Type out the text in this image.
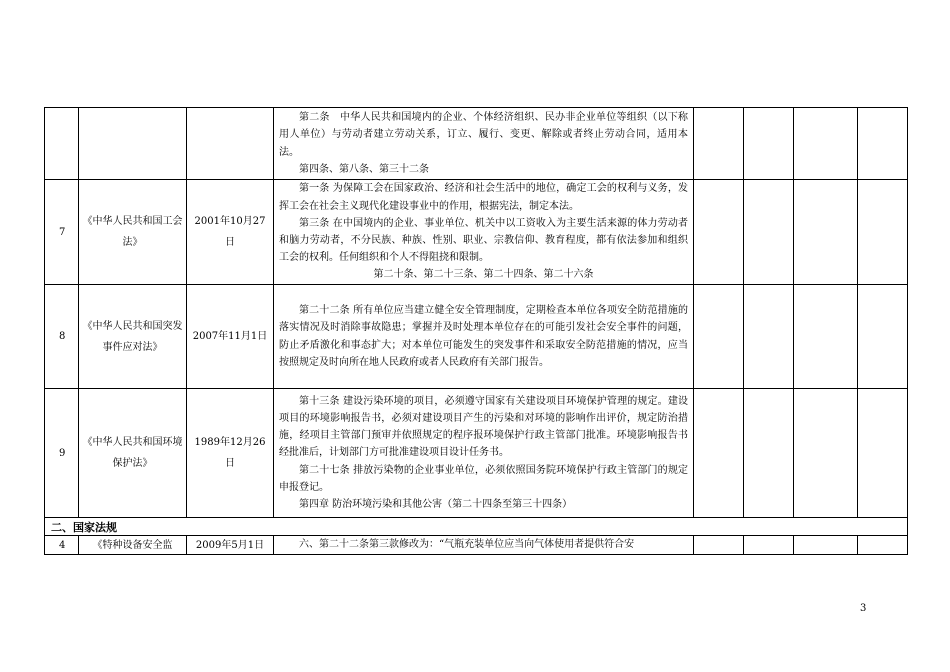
			第二条　中华人民共和国境内的企业、个体经济组织、民办非企业单位等组织（以下称用人单位）与劳动者建立劳动关系，订立、履行、变更、解除或者终止劳动合同，适用本法。

第四条、第八条、第三十二条				

7	《中华人民共和国工会法》	2001年10月27日	第一条 为保障工会在国家政治、经济和社会生活中的地位，确定工会的权利与义务，发挥工会在社会主义现代化建设事业中的作用，根据宪法，制定本法。

第三条 在中国境内的企业、事业单位、机关中以工资收入为主要生活来源的体力劳动者和脑力劳动者，不分民族、种族、性别、职业、宗教信仰、教育程度，都有依法参加和组织工会的权利。任何组织和个人不得阻挠和限制。

第二十条、第二十三条、第二十四条、第二十六条				

8	《中华人民共和国突发事件应对法》	2007年11月1日	第二十二条 所有单位应当建立健全安全管理制度，定期检查本单位各项安全防范措施的落实情况及时消除事故隐患；掌握并及时处理本单位存在的可能引发社会安全事件的问题，防止矛盾激化和事态扩大；对本单位可能发生的突发事件和采取安全防范措施的情况，应当按照规定及时向所在地人民政府或者人民政府有关部门报告。				

9	《中华人民共和国环境保护法》	1989年12月26日	第十三条 建设污染环境的项目，必须遵守国家有关建设项目环境保护管理的规定。建设项目的环境影响报告书，必须对建设项目产生的污染和对环境的影响作出评价，规定防治措施，经项目主管部门预审并依照规定的程序报环境保护行政主管部门批准。环境影响报告书经批准后，计划部门方可批准建设项目设计任务书。

第二十七条 排放污染物的企业事业单位，必须依照国务院环境保护行政主管部门的规定申报登记。

第四章 防治环境污染和其他公害（第二十四条至第三十四条）				

二、国家法规							
4	《特种设备安全监	2009年5月1日	六、第二十二条第三款修改为：“气瓶充装单位应当向气体使用者提供符合安				

3
